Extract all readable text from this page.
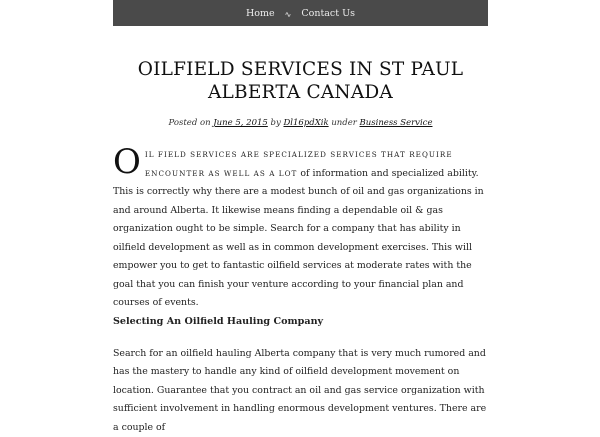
Home ∿ Contact Us
OILFIELD SERVICES IN ST PAUL ALBERTA CANADA
Posted on June 5, 2015 by Dl16pdXik under Business Service

OIL FIELD SERVICES ARE SPECIALIZED SERVICES THAT REQUIRE ENCOUNTER AS WELL AS A LOT of information and specialized ability. This is correctly why there are a modest bunch of oil and gas organizations in and around Alberta. It likewise means finding a dependable oil & gas organization ought to be simple. Search for a company that has ability in oilfield development as well as in common development exercises. This will empower you to get to fantastic oilfield services at moderate rates with the goal that you can finish your venture according to your financial plan and courses of events.

Selecting An Oilfield Hauling Company

Search for an oilfield hauling Alberta company that is very much rumored and has the mastery to handle any kind of oilfield development movement on location. Guarantee that you contract an oil and gas service organization with sufficient involvement in handling enormous development ventures. There are a couple of
